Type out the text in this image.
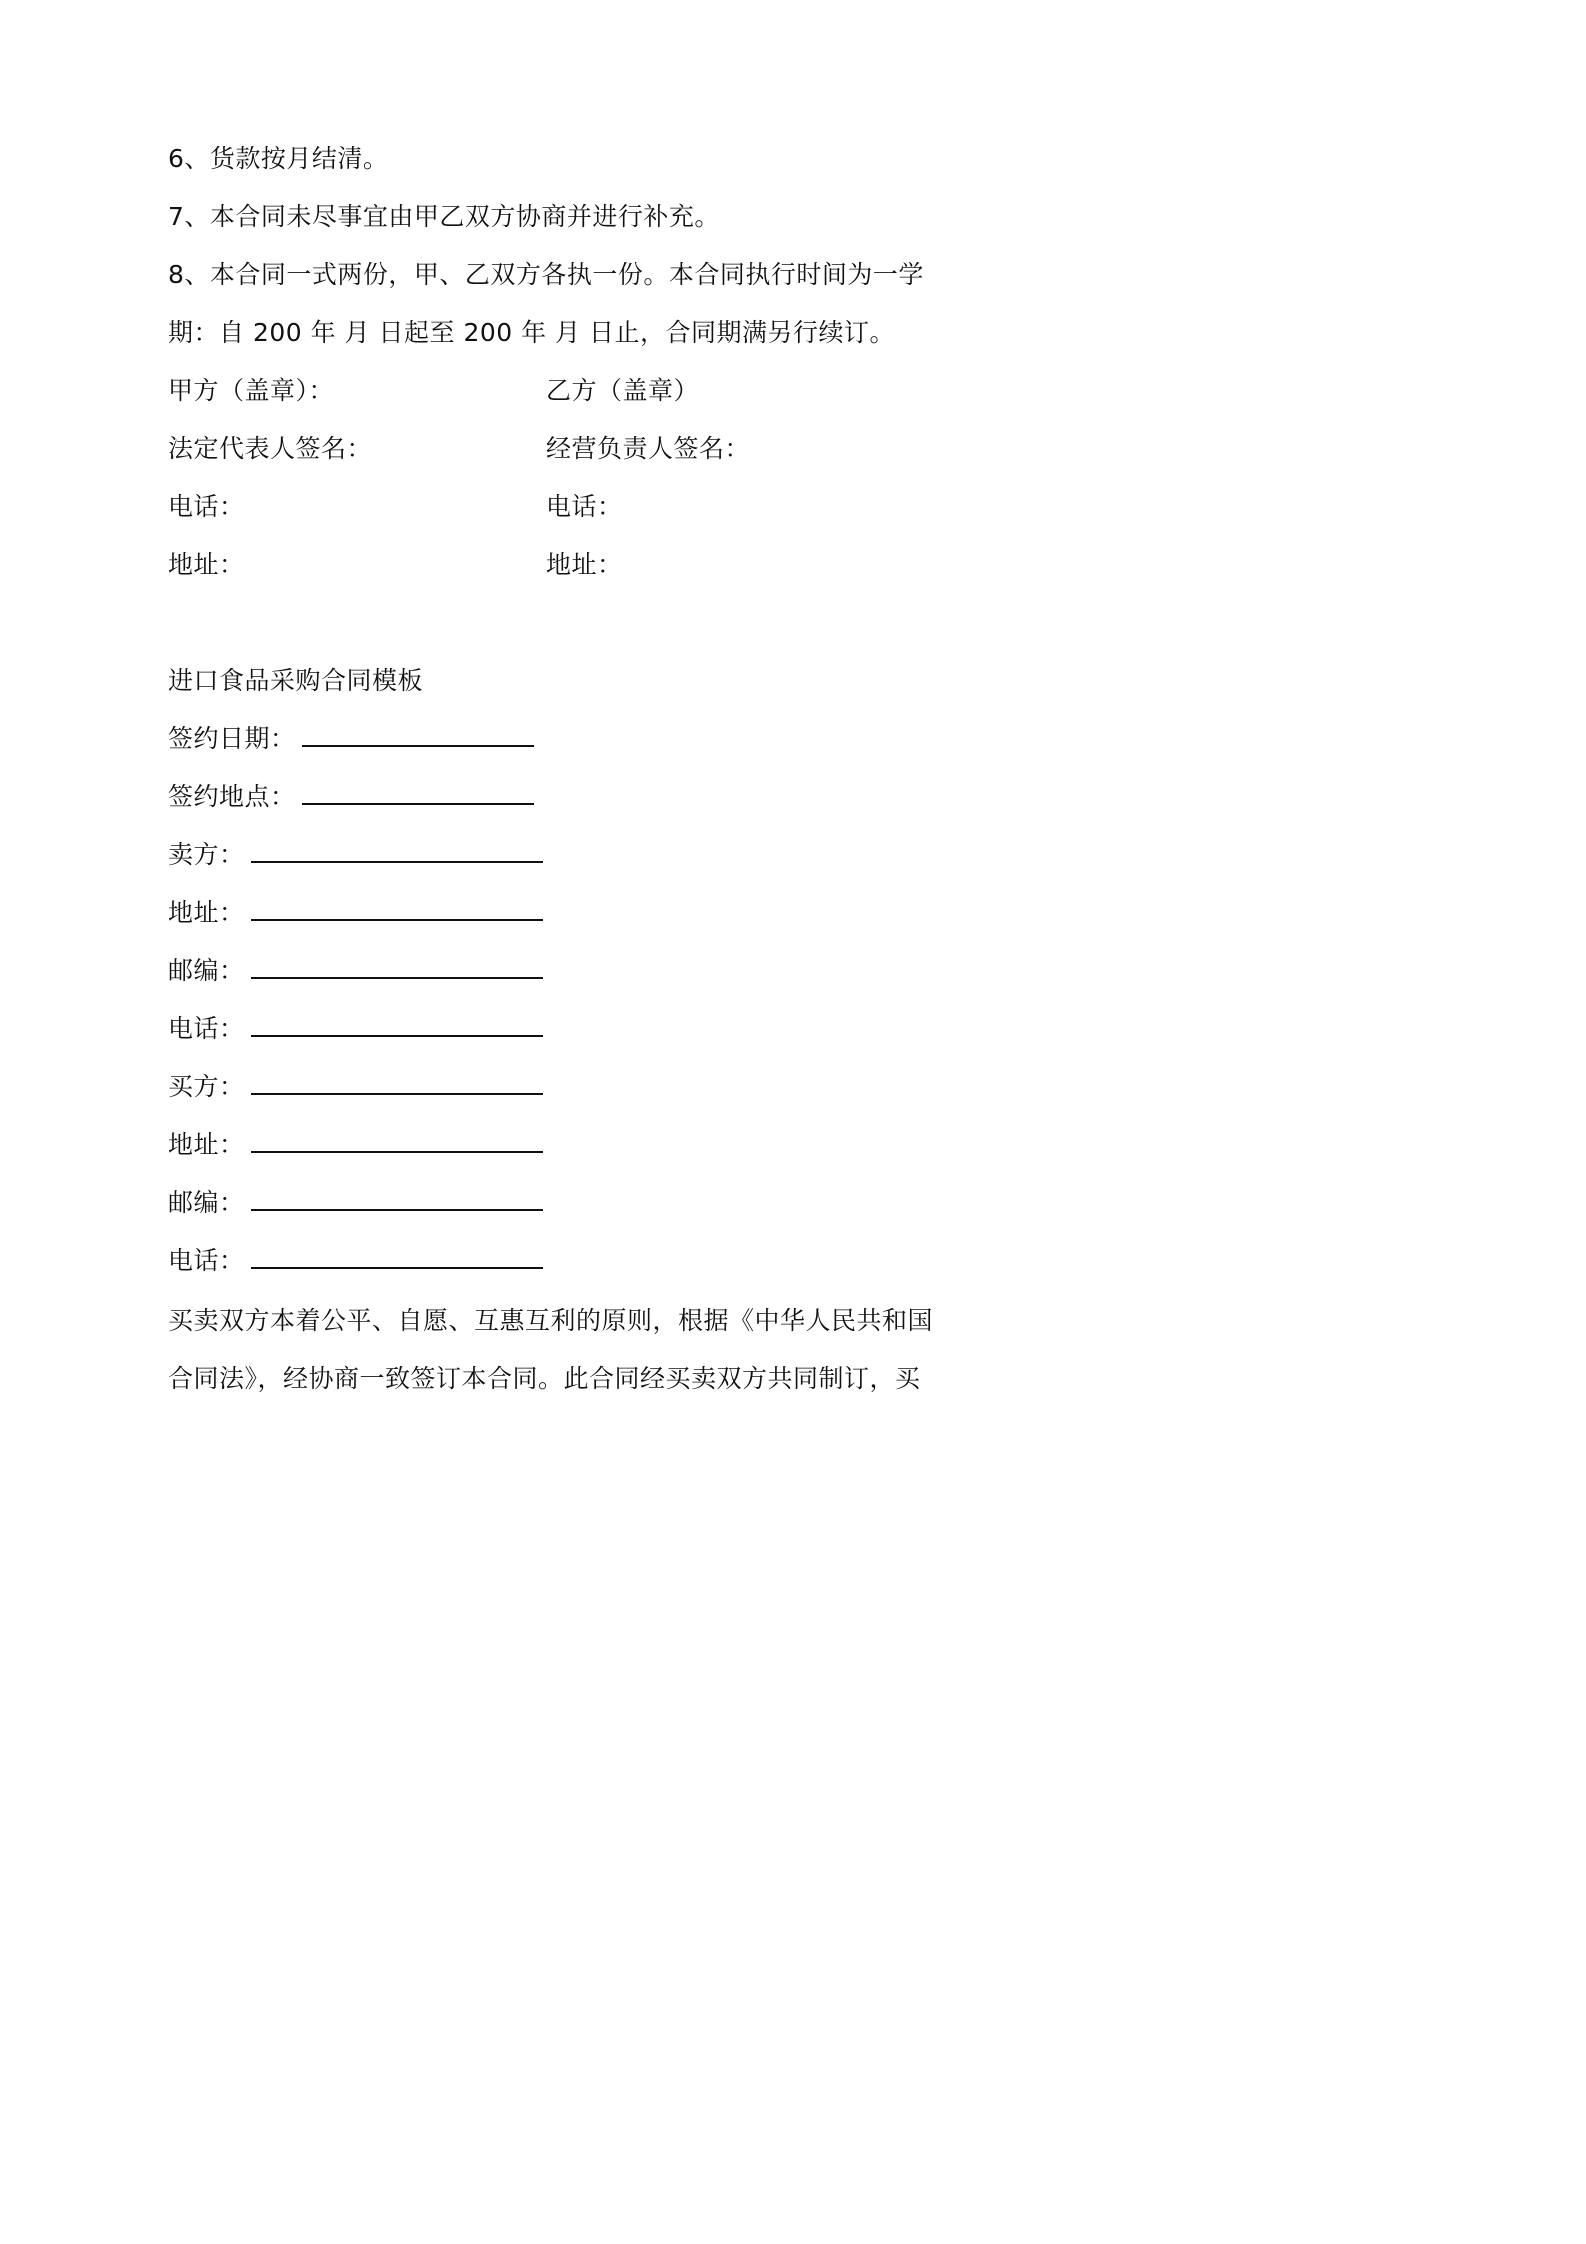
6、货款按月结清。
7、本合同未尽事宜由甲乙双方协商并进行补充。
8、本合同一式两份，甲、乙双方各执一份。本合同执行时间为一学
期：自 200 年 月 日起至 200 年 月 日止，合同期满另行续订。
甲方（盖章）：	乙方（盖章）
法定代表人签名：	经营负责人签名：
电话：	电话：
地址：	地址：
进口食品采购合同模板
签约日期：
签约地点：
卖方：
地址：
邮编：
电话：
买方：
地址：
邮编：
电话：
买卖双方本着公平、自愿、互惠互利的原则，根据《中华人民共和国
合同法》，经协商一致签订本合同。此合同经买卖双方共同制订，买
